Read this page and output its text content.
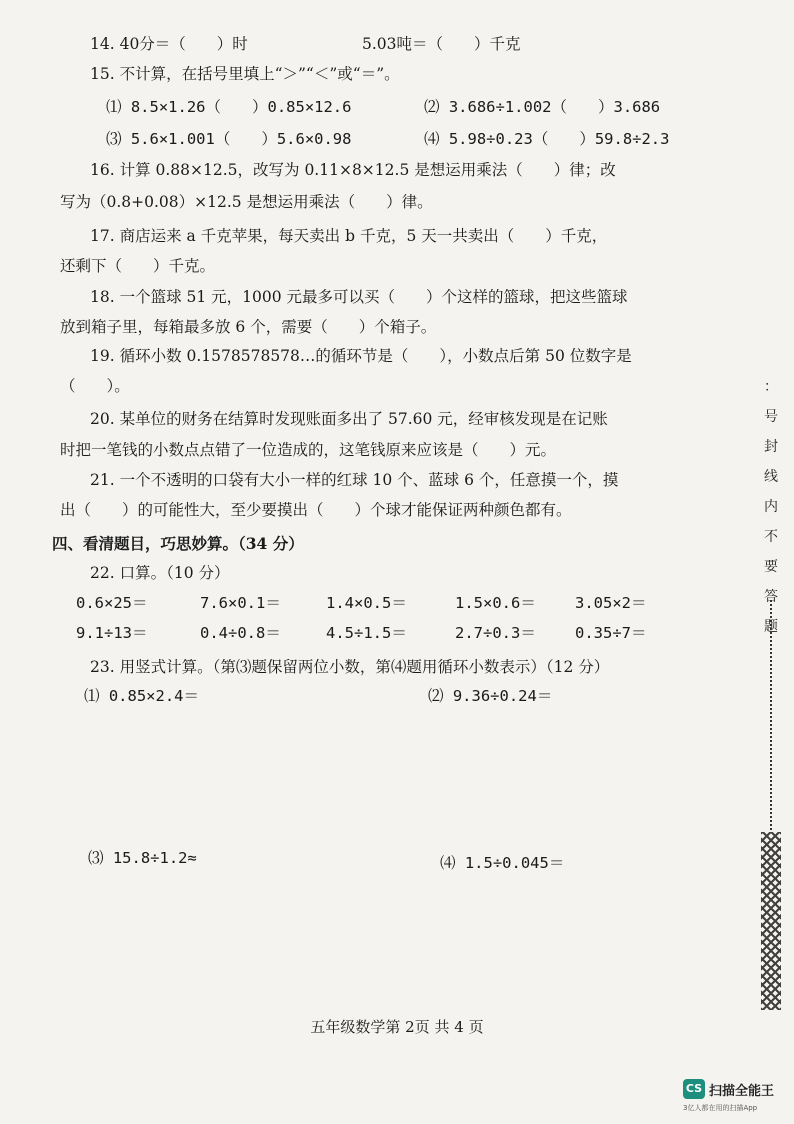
14. 40分＝（　　）时	5.03吨＝（　　）千克
15. 不计算，在括号里填上“＞”“＜”或“＝”。
⑴ 8.5×1.26（　　）0.85×12.6	⑵ 3.686÷1.002（　　）3.686
⑶ 5.6×1.001（　　）5.6×0.98	⑷ 5.98÷0.23（　　）59.8÷2.3
16. 计算 0.88×12.5，改写为 0.11×8×12.5 是想运用乘法（　　）律；改
写为（0.8+0.08）×12.5 是想运用乘法（　　）律。
17. 商店运来 a 千克苹果，每天卖出 b 千克，5 天一共卖出（　　）千克，
还剩下（　　）千克。
18. 一个篮球 51 元，1000 元最多可以买（　　）个这样的篮球，把这些篮球
放到箱子里，每箱最多放 6 个，需要（　　）个箱子。
19. 循环小数 0.1578578578…的循环节是（　　），小数点后第 50 位数字是
（　　）。
20. 某单位的财务在结算时发现账面多出了 57.60 元，经审核发现是在记账
时把一笔钱的小数点点错了一位造成的，这笔钱原来应该是（　　）元。
21. 一个不透明的口袋有大小一样的红球 10 个、蓝球 6 个，任意摸一个，摸
出（　　）的可能性大，至少要摸出（　　）个球才能保证两种颜色都有。
四、看清题目，巧思妙算。（34 分）
22. 口算。（10 分）
0.6×25＝	7.6×0.1＝	1.4×0.5＝	1.5×0.6＝	3.05×2＝
9.1÷13＝	0.4÷0.8＝	4.5÷1.5＝	2.7÷0.3＝	0.35÷7＝
23. 用竖式计算。（第⑶题保留两位小数，第⑷题用循环小数表示）（12 分）
⑴ 0.85×2.4＝	⑵ 9.36÷0.24＝
⑶ 15.8÷1.2≈	⑷ 1.5÷0.045＝
五年级数学第 2页 共 4 页
：号封线内不要答题
CS 扫描全能王
3亿人都在用的扫描App
